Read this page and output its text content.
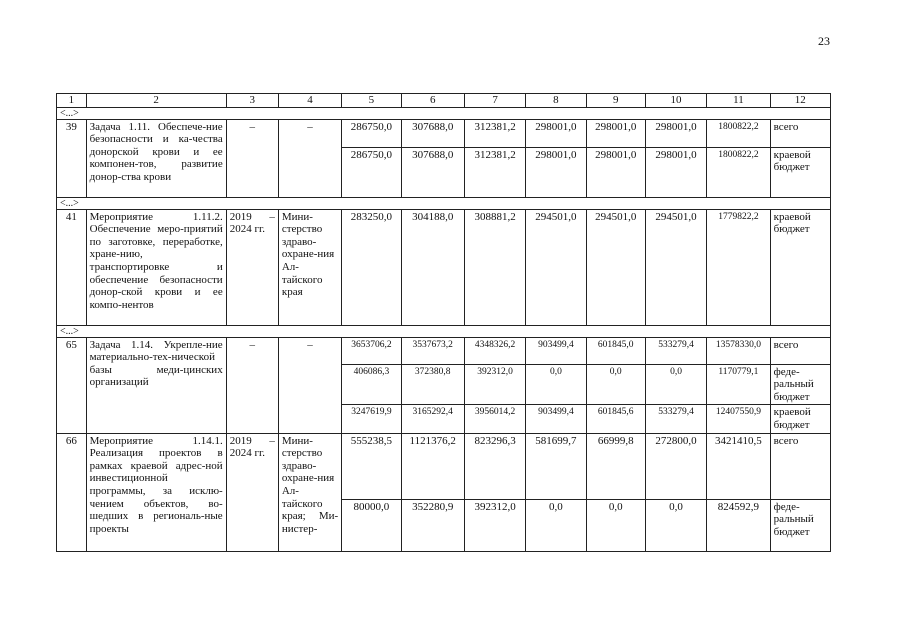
23
1	2	3	4	5	6	7	8	9	10	11	12
<...>											
39	Задача 1.11. Обеспече-ние безопасности и ка-чества донорской крови и ее компонен-тов, развитие донор-ства крови	–	–	286750,0	307688,0	312381,2	298001,0	298001,0	298001,0	1800822,2	всего
				286750,0	307688,0	312381,2	298001,0	298001,0	298001,0	1800822,2	краевой бюджет
<...>											
41	Мероприятие 1.11.2. Обеспечение меро-приятий по заготовке, переработке, хране-нию, транспортировке и обеспечение безопасности донор-ской крови и ее компо-нентов	2019 – 2024 гг.	Мини-стерство здраво-охране-ния Ал-тайского края	283250,0	304188,0	308881,2	294501,0	294501,0	294501,0	1779822,2	краевой бюджет
<...>											
65	Задача 1.14. Укрепле-ние материально-тех-нической базы меди-цинских организаций	–	–	3653706,2	3537673,2	4348326,2	903499,4	601845,0	533279,4	13578330,0	всего
				406086,3	372380,8	392312,0	0,0	0,0	0,0	1170779,1	феде-ральный бюджет
				3247619,9	3165292,4	3956014,2	903499,4	601845,6	533279,4	12407550,9	краевой бюджет
66	Мероприятие 1.14.1. Реализация проектов в рамках краевой адрес-ной инвестиционной программы, за исклю-чением объектов, во-шедших в региональ-ные проекты	2019 – 2024 гг.	Мини-стерство здраво-охране-ния Ал-тайского края; Ми-нистер-	555238,5	1121376,2	823296,3	581699,7	66999,8	272800,0	3421410,5	всего
				80000,0	352280,9	392312,0	0,0	0,0	0,0	824592,9	феде-ральный бюджет
